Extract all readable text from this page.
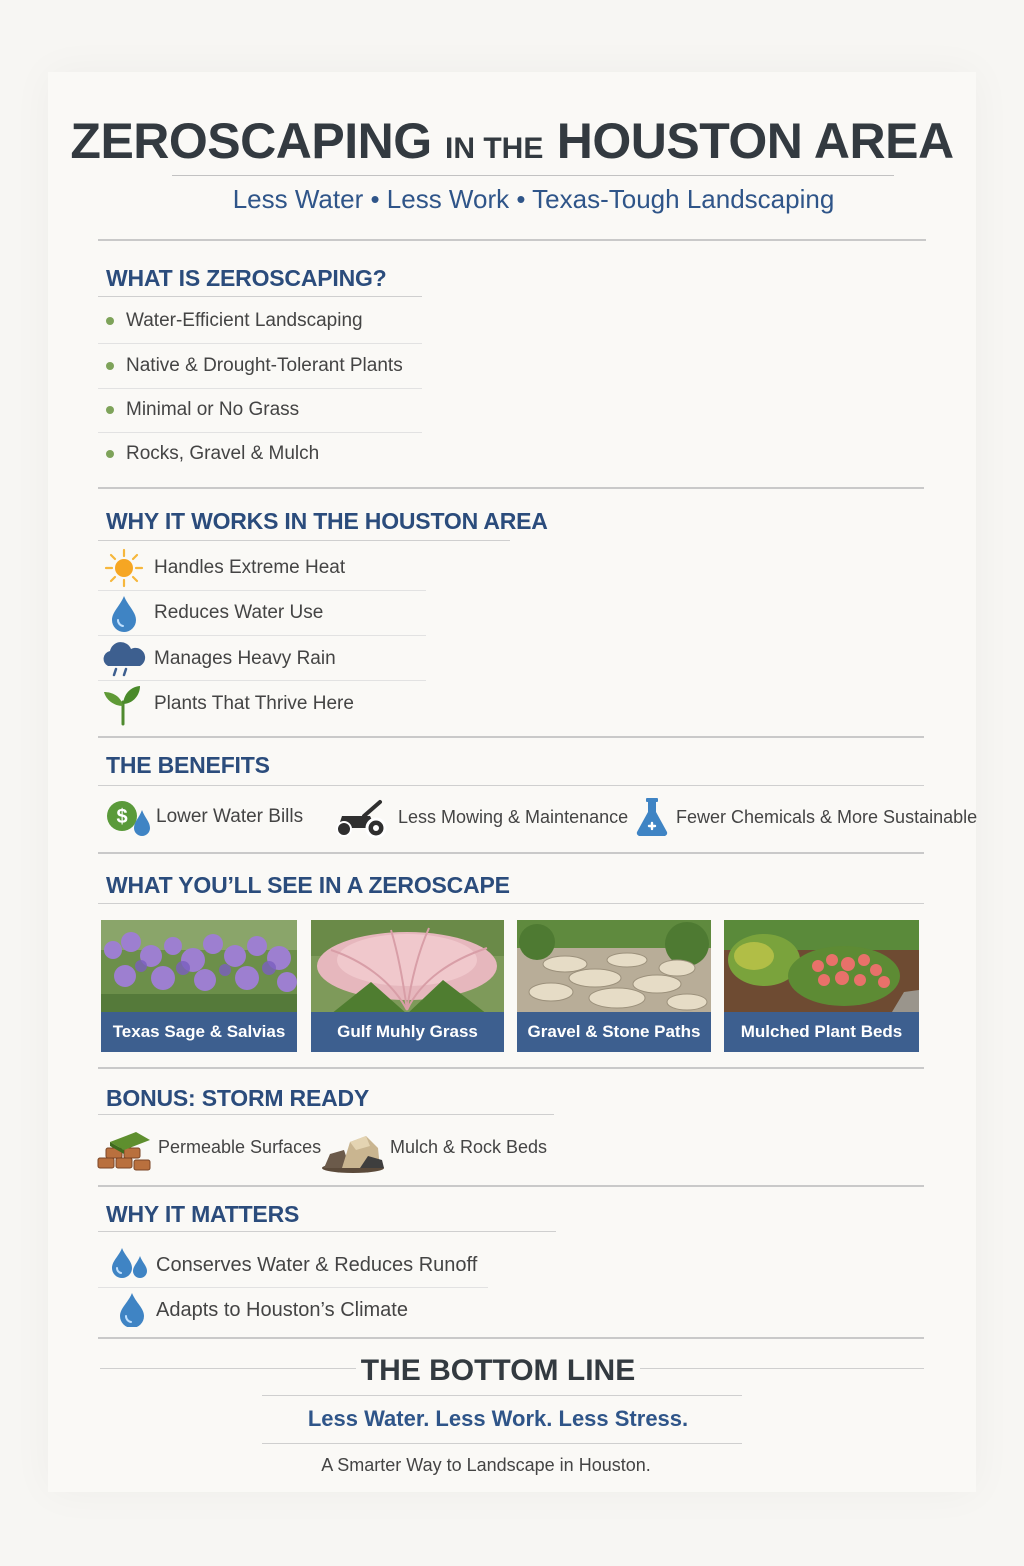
ZEROSCAPING IN THE HOUSTON AREA
Less Water • Less Work • Texas-Tough Landscaping
WHAT IS ZEROSCAPING?
Water-Efficient Landscaping
Native & Drought-Tolerant Plants
Minimal or No Grass
Rocks, Gravel & Mulch
WHY IT WORKS IN THE HOUSTON AREA
Handles Extreme Heat
Reduces Water Use
Manages Heavy Rain
Plants That Thrive Here
THE BENEFITS
$ Lower Water Bills	Less Mowing & Maintenance	Fewer Chemicals & More Sustainable
WHAT YOU’LL SEE IN A ZEROSCAPE
Texas Sage & Salvias	Gulf Muhly Grass	Gravel & Stone Paths	Mulched Plant Beds
BONUS: STORM READY
Permeable Surfaces	Mulch & Rock Beds
WHY IT MATTERS
Conserves Water & Reduces Runoff
Adapts to Houston’s Climate
THE BOTTOM LINE
Less Water. Less Work. Less Stress.
A Smarter Way to Landscape in Houston.
